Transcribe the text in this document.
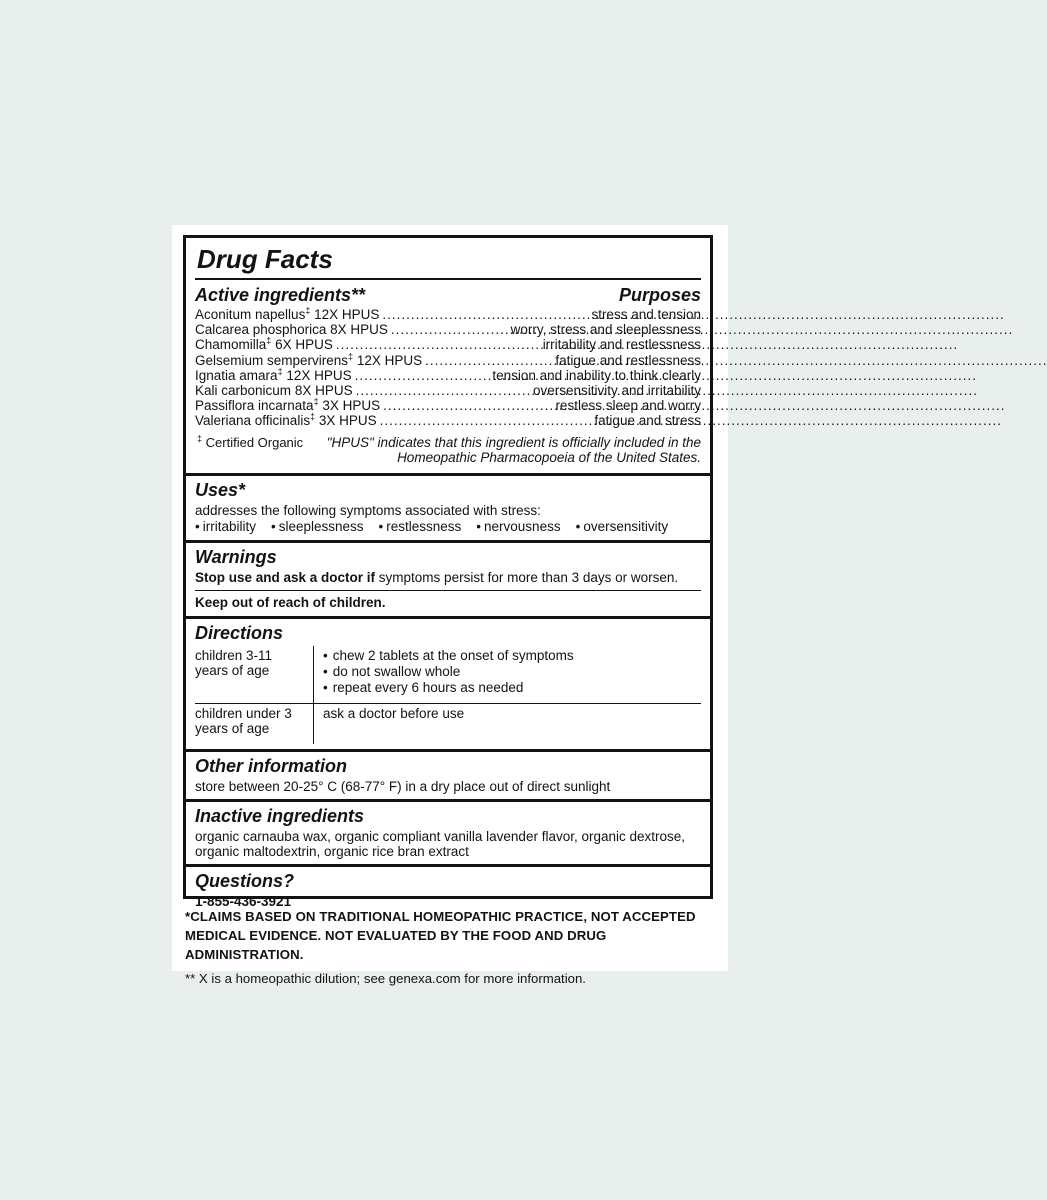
Drug Facts
Active ingredients**	Purposes
Aconitum napellus‡ 12X HPUS .....	stress and tension
Calcarea phosphorica 8X HPUS .....	worry, stress and sleeplessness
Chamomilla‡ 6X HPUS .....	irritability and restlessness
Gelsemium sempervirens‡ 12X HPUS .....	fatigue and restlessness
Ignatia amara‡ 12X HPUS .....	tension and inability to think clearly
Kali carbonicum 8X HPUS .....	oversensitivity and irritability
Passiflora incarnata‡ 3X HPUS .....	restless sleep and worry
Valeriana officinalis‡ 3X HPUS .....	fatigue and stress
‡ Certified Organic "HPUS" indicates that this ingredient is officially included in the Homeopathic Pharmacopoeia of the United States.
Uses*
addresses the following symptoms associated with stress:
• irritability	• sleeplessness	• restlessness	• nervousness	• oversensitivity
Warnings

Stop use and ask a doctor if symptoms persist for more than 3 days or worsen.

Keep out of reach of children.
Directions
children 3-11 years of age
• chew 2 tablets at the onset of symptoms
• do not swallow whole
• repeat every 6 hours as needed
children under 3 years of age
ask a doctor before use
Other information
store between 20-25° C (68-77° F) in a dry place out of direct sunlight
Inactive ingredients
organic carnauba wax, organic compliant vanilla lavender flavor, organic dextrose, organic maltodextrin, organic rice bran extract
Questions?
1-855-436-3921

*CLAIMS BASED ON TRADITIONAL HOMEOPATHIC PRACTICE, NOT ACCEPTED MEDICAL EVIDENCE. NOT EVALUATED BY THE FOOD AND DRUG ADMINISTRATION.

** X is a homeopathic dilution; see genexa.com for more information.
